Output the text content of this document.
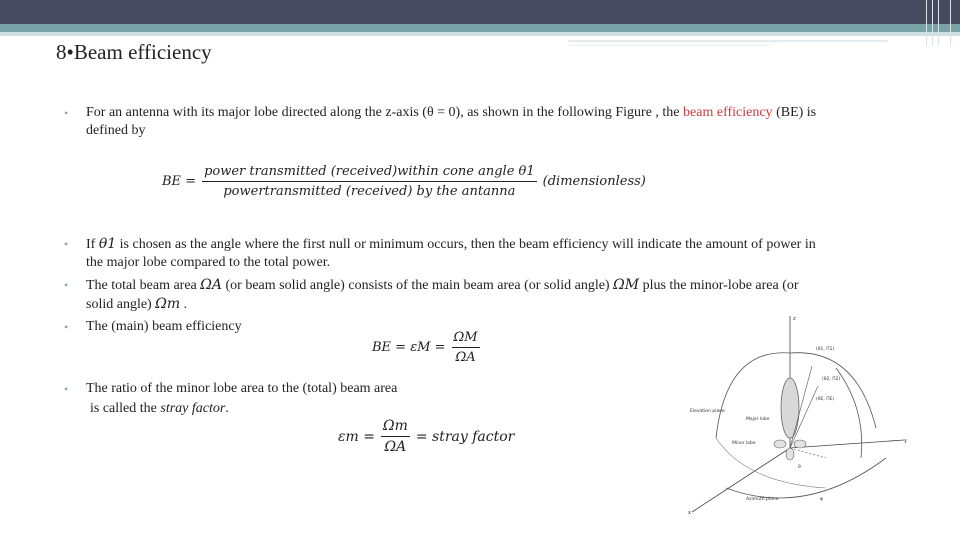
8•Beam efficiency
• For an antenna with its major lobe directed along the z-axis (θ = 0), as shown in the following Figure , the beam efficiency (BE) is defined by
• If θ1 is chosen as the angle where the first null or minimum occurs, then the beam efficiency will indicate the amount of power in the major lobe compared to the total power.
• The total beam area ΩA (or beam solid angle) consists of the main beam area (or solid angle) ΩM plus the minor-lobe area (or solid angle) Ωm .
• The (main) beam efficiency
• The ratio of the minor lobe area to the (total) beam area
is called the stray factor.
BE = $\frac{\text{power transmitted (received)within cone angle θ1}}{\text{powertransmitted (received) by the antanna}}$ (dimensionless)
BE = $\varepsilon M = \frac{\Omega M}{\Omega A}$
$\varepsilon m = \frac{\Omega m}{\Omega A}$ = stray factor
z
y
x
Elevation plane
Major lobe
Minor lobe
Azimuth plane
(θ1, Π1)
(θ2, Π2)
(θE, ΠE)
θ
φ
